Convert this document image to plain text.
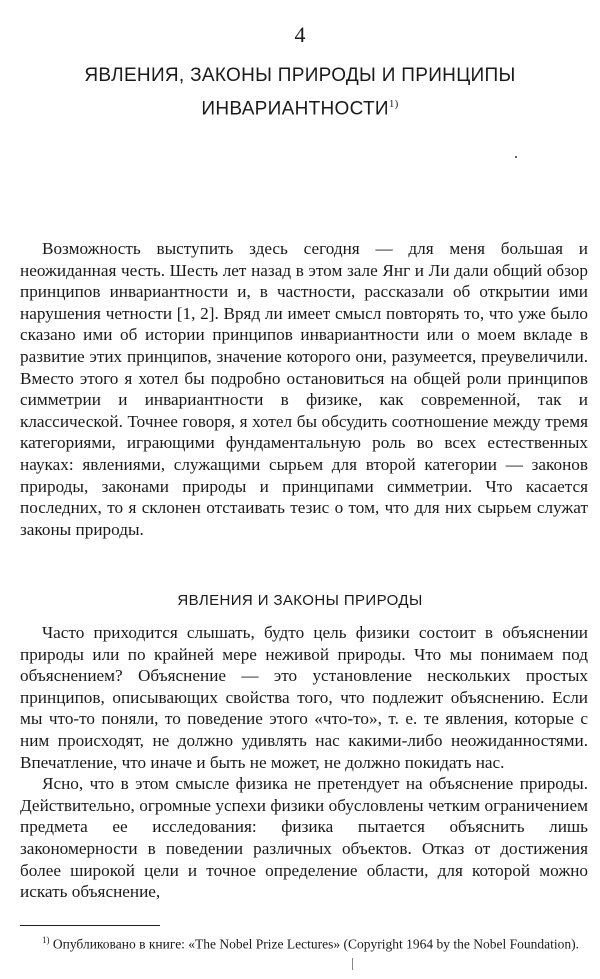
4
ЯВЛЕНИЯ, ЗАКОНЫ ПРИРОДЫ И ПРИНЦИПЫ
ИНВАРИАНТНОСТИ$^{1)}$

Возможность выступить здесь сегодня — для меня большая и неожиданная честь. Шесть лет назад в этом зале Янг и Ли дали общий обзор принципов инвариантности и, в частности, рассказали об открытии ими нарушения четности [1, 2]. Вряд ли имеет смысл повторять то, что уже было сказано ими об истории принципов инвариантности или о моем вкладе в развитие этих принципов, значение которого они, разумеется, преувеличили. Вместо этого я хотел бы подробно остановиться на общей роли принципов симметрии и инвариантности в физике, как современной, так и классической. Точнее говоря, я хотел бы обсудить соотношение между тремя категориями, играющими фундаментальную роль во всех естественных науках: явлениями, служащими сырьем для второй категории — законов природы, законами природы и принципами симметрии. Что касается последних, то я склонен отстаивать тезис о том, что для них сырьем служат законы природы.

ЯВЛЕНИЯ И ЗАКОНЫ ПРИРОДЫ

Часто приходится слышать, будто цель физики состоит в объяснении природы или по крайней мере неживой природы. Что мы понимаем под объяснением? Объяснение — это установление нескольких простых принципов, описывающих свойства того, что подлежит объяснению. Если мы что-то поняли, то поведение этого «что-то», т. е. те явления, которые с ним происходят, не должно удивлять нас какими-либо неожиданностями. Впечатление, что иначе и быть не может, не должно покидать нас.

Ясно, что в этом смысле физика не претендует на объяснение природы. Действительно, огромные успехи физики обусловлены четким ограничением предмета ее исследования: физика пытается объяснить лишь закономерности в поведении различных объектов. Отказ от достижения более широкой цели и точное определение области, для которой можно искать объяснение,

$^{1)}$ Опубликовано в книге: «The Nobel Prize Lectures» (Copyright 1964 by the Nobel Foundation).
